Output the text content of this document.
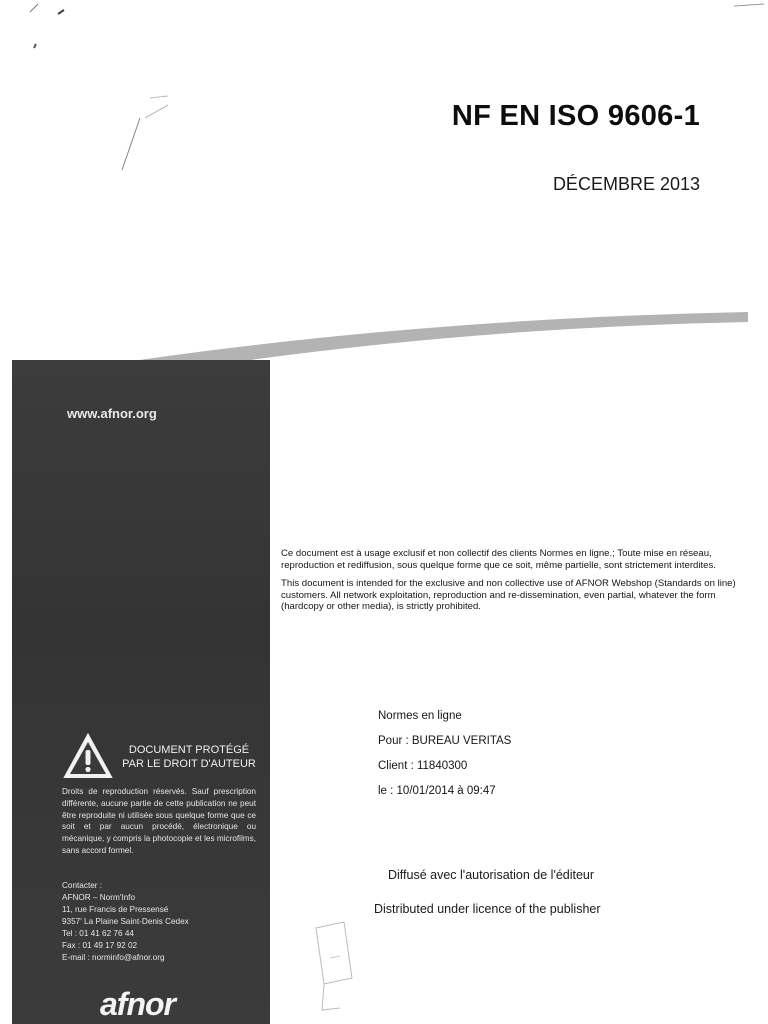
NF EN ISO 9606-1
DÉCEMBRE 2013
www.afnor.org
DOCUMENT PROTÉGÉ
PAR LE DROIT D'AUTEUR
Droits de reproduction réservés. Sauf prescription différente, aucune partie de cette publication ne peut être reproduite ni utilisée sous quelque forme que ce soit et par aucun procédé, électronique ou mécanique, y compris la photocopie et les microfilms, sans accord formel.
Contacter :
AFNOR – Norm'Info
11, rue Francis de Pressensé
9357' La Plaine Saint-Denis Cedex
Tel : 01 41 62 76 44
Fax : 01 49 17 92 02
E-mail : norminfo@afnor.org
afnor

Ce document est à usage exclusif et non collectif des clients Normes en ligne.; Toute mise en réseau, reproduction et rediffusion, sous quelque forme que ce soit, même partielle, sont strictement interdites.

This document is intended for the exclusive and non collective use of AFNOR Webshop (Standards on line) customers. All network exploitation, reproduction and re-dissemination, even partial, whatever the form (hardcopy or other media), is strictly prohibited.

Normes en ligne
Pour : BUREAU VERITAS
Client : 11840300
le : 10/01/2014 à 09:47
Diffusé avec l'autorisation de l'éditeur
Distributed under licence of the publisher
